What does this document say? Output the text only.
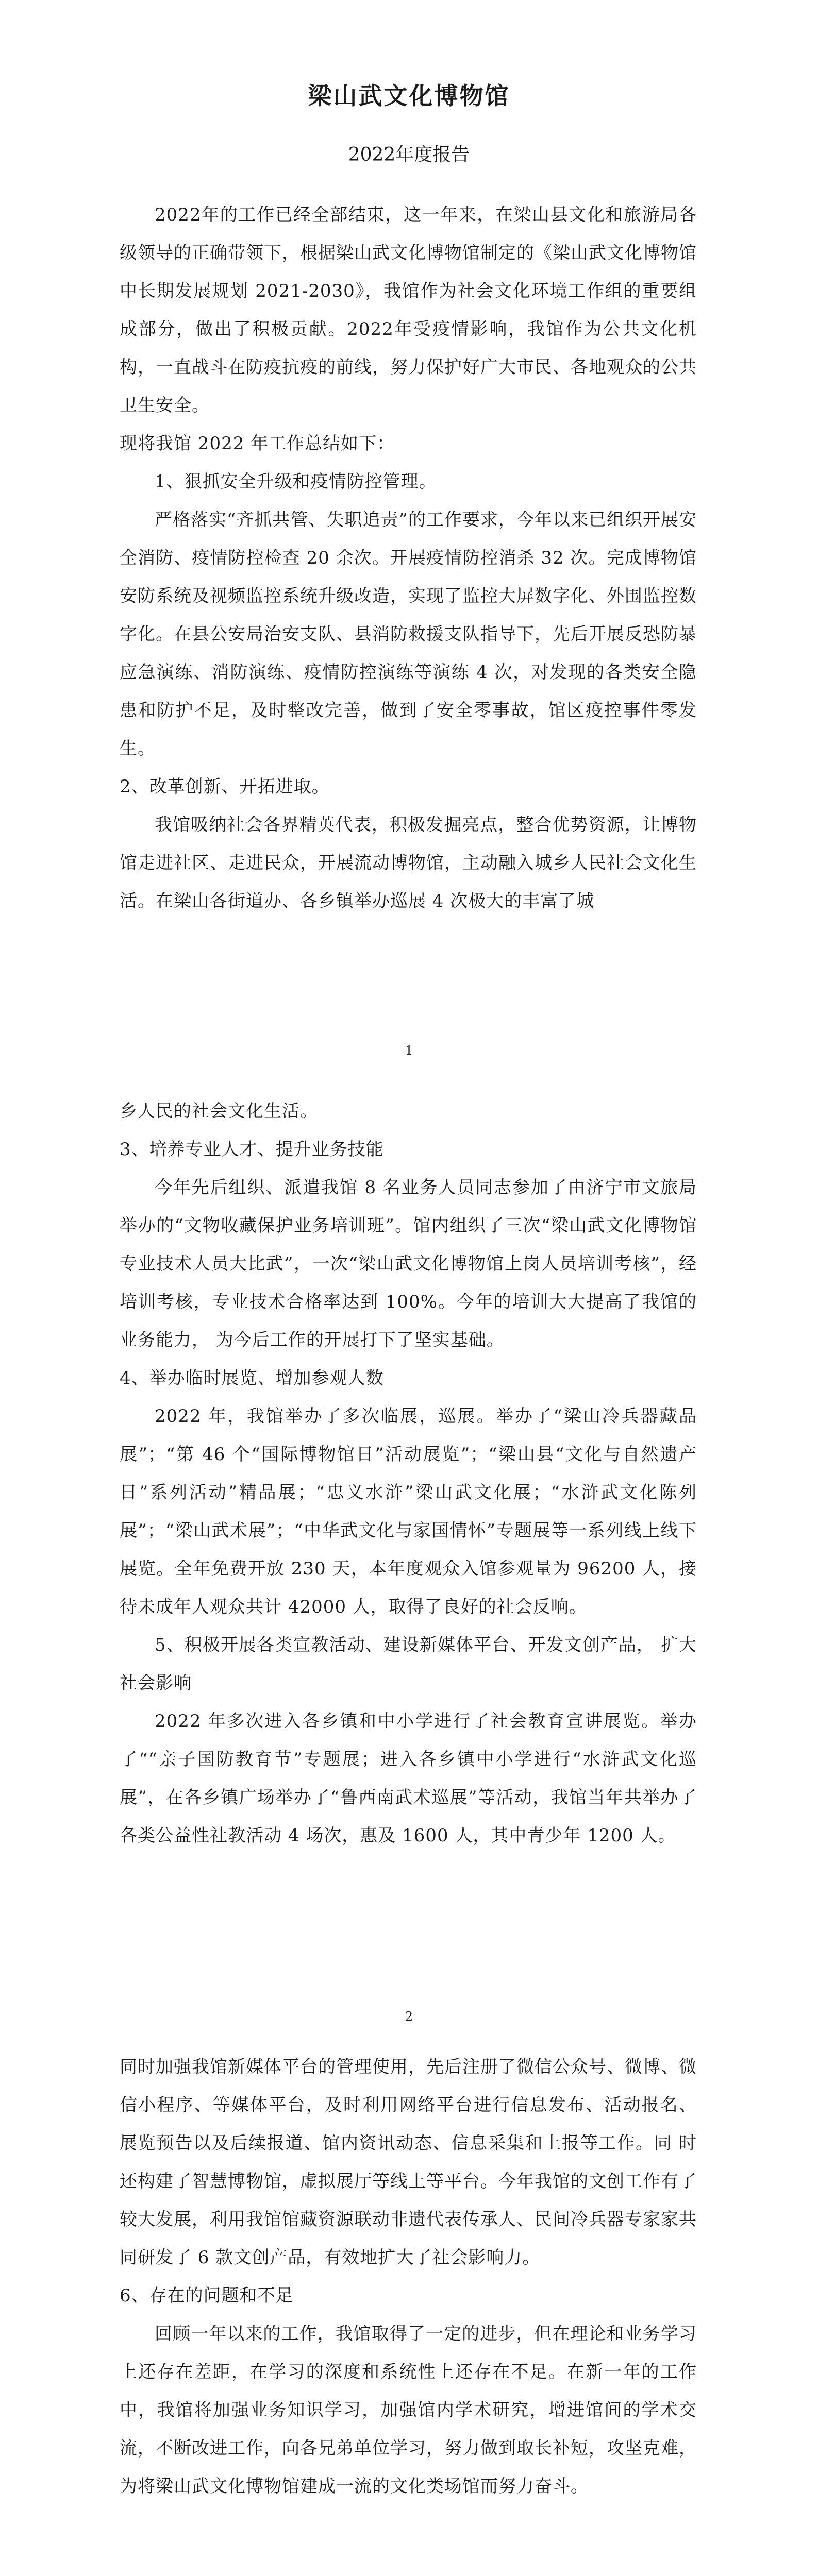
梁山武文化博物馆

2022年度报告

2022年的工作已经全部结束，这一年来，在梁山县文化和旅游局各级领导的正确带领下，根据梁山武文化博物馆制定的《梁山武文化博物馆中长期发展规划 2021-2030》，我馆作为社会文化环境工作组的重要组成部分，做出了积极贡献。2022年受疫情影响，我馆作为公共文化机构，一直战斗在防疫抗疫的前线，努力保护好广大市民、各地观众的公共卫生安全。

现将我馆 2022 年工作总结如下：

1、狠抓安全升级和疫情防控管理。

严格落实“齐抓共管、失职追责”的工作要求，今年以来已组织开展安全消防、疫情防控检查 20 余次。开展疫情防控消杀 32 次。完成博物馆安防系统及视频监控系统升级改造，实现了监控大屏数字化、外围监控数字化。在县公安局治安支队、县消防救援支队指导下，先后开展反恐防暴应急演练、消防演练、疫情防控演练等演练 4 次，对发现的各类安全隐患和防护不足，及时整改完善，做到了安全零事故，馆区疫控事件零发生。

2、改革创新、开拓进取。

我馆吸纳社会各界精英代表，积极发掘亮点，整合优势资源，让博物馆走进社区、走进民众，开展流动博物馆，主动融入城乡人民社会文化生活。在梁山各街道办、各乡镇举办巡展 4 次极大的丰富了城

1

乡人民的社会文化生活。

3、培养专业人才、提升业务技能

今年先后组织、派遣我馆 8 名业务人员同志参加了由济宁市文旅局举办的“文物收藏保护业务培训班”。馆内组织了三次“梁山武文化博物馆专业技术人员大比武”，一次“梁山武文化博物馆上岗人员培训考核”，经培训考核，专业技术合格率达到 100%。今年的培训大大提高了我馆的业务能力， 为今后工作的开展打下了坚实基础。

4、举办临时展览、增加参观人数

2022 年，我馆举办了多次临展，巡展。举办了“梁山冷兵器藏品展”；“第 46 个“国际博物馆日”活动展览”；“梁山县“文化与自然遗产日”系列活动”精品展；“忠义水浒”梁山武文化展；“水浒武文化陈列展”；“梁山武术展”；“中华武文化与家国情怀”专题展等一系列线上线下展览。全年免费开放 230 天，本年度观众入馆参观量为 96200 人，接待未成年人观众共计 42000 人，取得了良好的社会反响。

5、积极开展各类宣教活动、建设新媒体平台、开发文创产品， 扩大社会影响

2022 年多次进入各乡镇和中小学进行了社会教育宣讲展览。举办了““亲子国防教育节”专题展；进入各乡镇中小学进行“水浒武文化巡展”，在各乡镇广场举办了“鲁西南武术巡展”等活动，我馆当年共举办了各类公益性社教活动 4 场次，惠及 1600 人，其中青少年 1200 人。

2

同时加强我馆新媒体平台的管理使用，先后注册了微信公众号、微博、微信小程序、等媒体平台，及时利用网络平台进行信息发布、活动报名、 展览预告以及后续报道、馆内资讯动态、信息采集和上报等工作。同 时还构建了智慧博物馆，虚拟展厅等线上等平台。今年我馆的文创工作有了较大发展，利用我馆馆藏资源联动非遗代表传承人、民间冷兵器专家家共同研发了 6 款文创产品，有效地扩大了社会影响力。

6、存在的问题和不足

回顾一年以来的工作，我馆取得了一定的进步，但在理论和业务学习上还存在差距，在学习的深度和系统性上还存在不足。在新一年的工作中，我馆将加强业务知识学习，加强馆内学术研究，增进馆间的学术交流，不断改进工作，向各兄弟单位学习，努力做到取长补短，攻坚克难，为将梁山武文化博物馆建成一流的文化类场馆而努力奋斗。
